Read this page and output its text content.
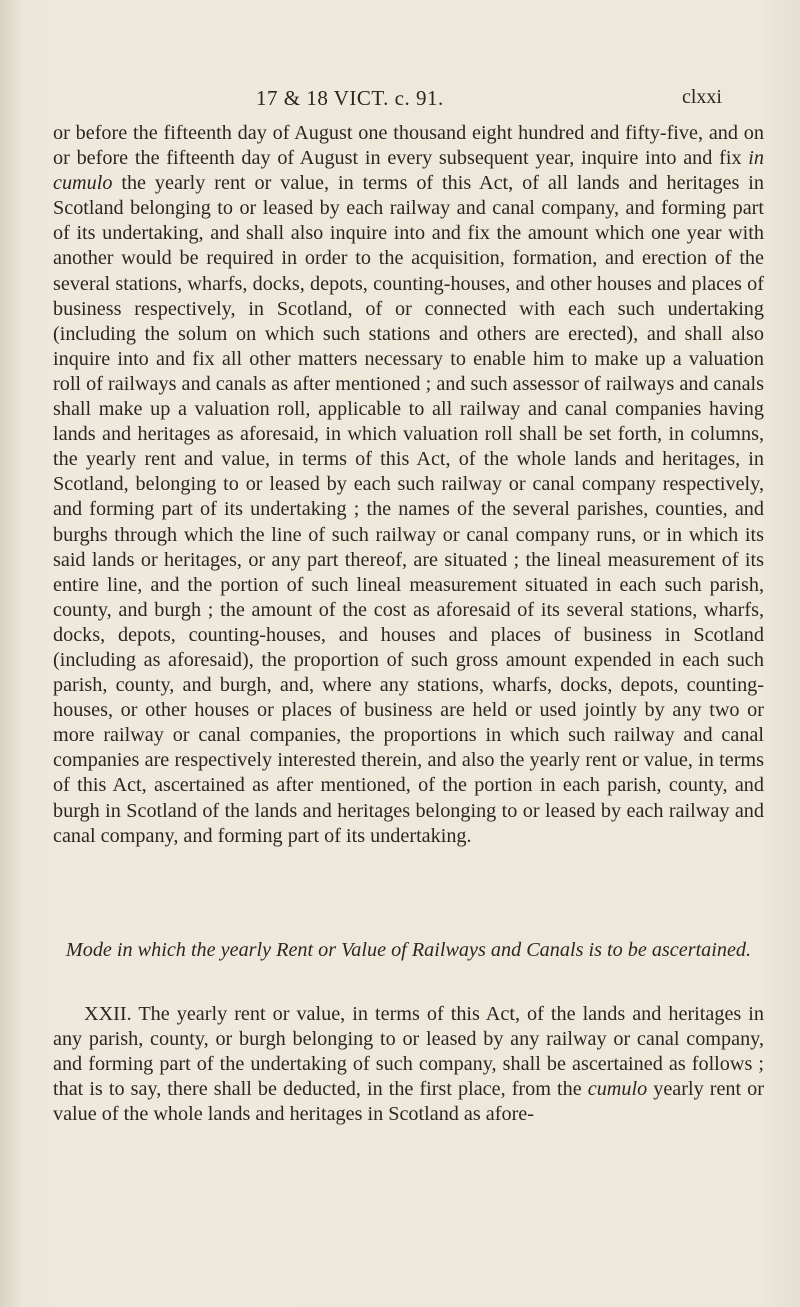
17 & 18 VICT. c. 91.	clxxi

or before the fifteenth day of August one thousand eight hundred and fifty-five, and on or before the fifteenth day of August in every subsequent year, inquire into and fix in cumulo the yearly rent or value, in terms of this Act, of all lands and heritages in Scotland belonging to or leased by each railway and canal company, and forming part of its undertaking, and shall also inquire into and fix the amount which one year with another would be required in order to the acquisition, formation, and erection of the several stations, wharfs, docks, depots, counting-houses, and other houses and places of business respectively, in Scotland, of or connected with each such undertaking (including the solum on which such stations and others are erected), and shall also inquire into and fix all other matters necessary to enable him to make up a valuation roll of railways and canals as after mentioned ; and such assessor of railways and canals shall make up a valuation roll, applicable to all railway and canal companies having lands and heritages as aforesaid, in which valuation roll shall be set forth, in columns, the yearly rent and value, in terms of this Act, of the whole lands and heritages, in Scotland, belonging to or leased by each such railway or canal company respectively, and forming part of its undertaking ; the names of the several parishes, counties, and burghs through which the line of such railway or canal company runs, or in which its said lands or heritages, or any part thereof, are situated ; the lineal measurement of its entire line, and the portion of such lineal measurement situated in each such parish, county, and burgh ; the amount of the cost as aforesaid of its several stations, wharfs, docks, depots, counting-houses, and houses and places of business in Scotland (including as aforesaid), the proportion of such gross amount expended in each such parish, county, and burgh, and, where any stations, wharfs, docks, depots, counting-houses, or other houses or places of business are held or used jointly by any two or more railway or canal companies, the proportions in which such railway and canal companies are respectively interested therein, and also the yearly rent or value, in terms of this Act, ascertained as after mentioned, of the portion in each parish, county, and burgh in Scotland of the lands and heritages belonging to or leased by each railway and canal company, and forming part of its undertaking.

Mode in which the yearly Rent or Value of Railways and Canals is to be ascertained.

XXII. The yearly rent or value, in terms of this Act, of the lands and heritages in any parish, county, or burgh belonging to or leased by any railway or canal company, and forming part of the undertaking of such company, shall be ascertained as follows ; that is to say, there shall be deducted, in the first place, from the cumulo yearly rent or value of the whole lands and heritages in Scotland as afore-
